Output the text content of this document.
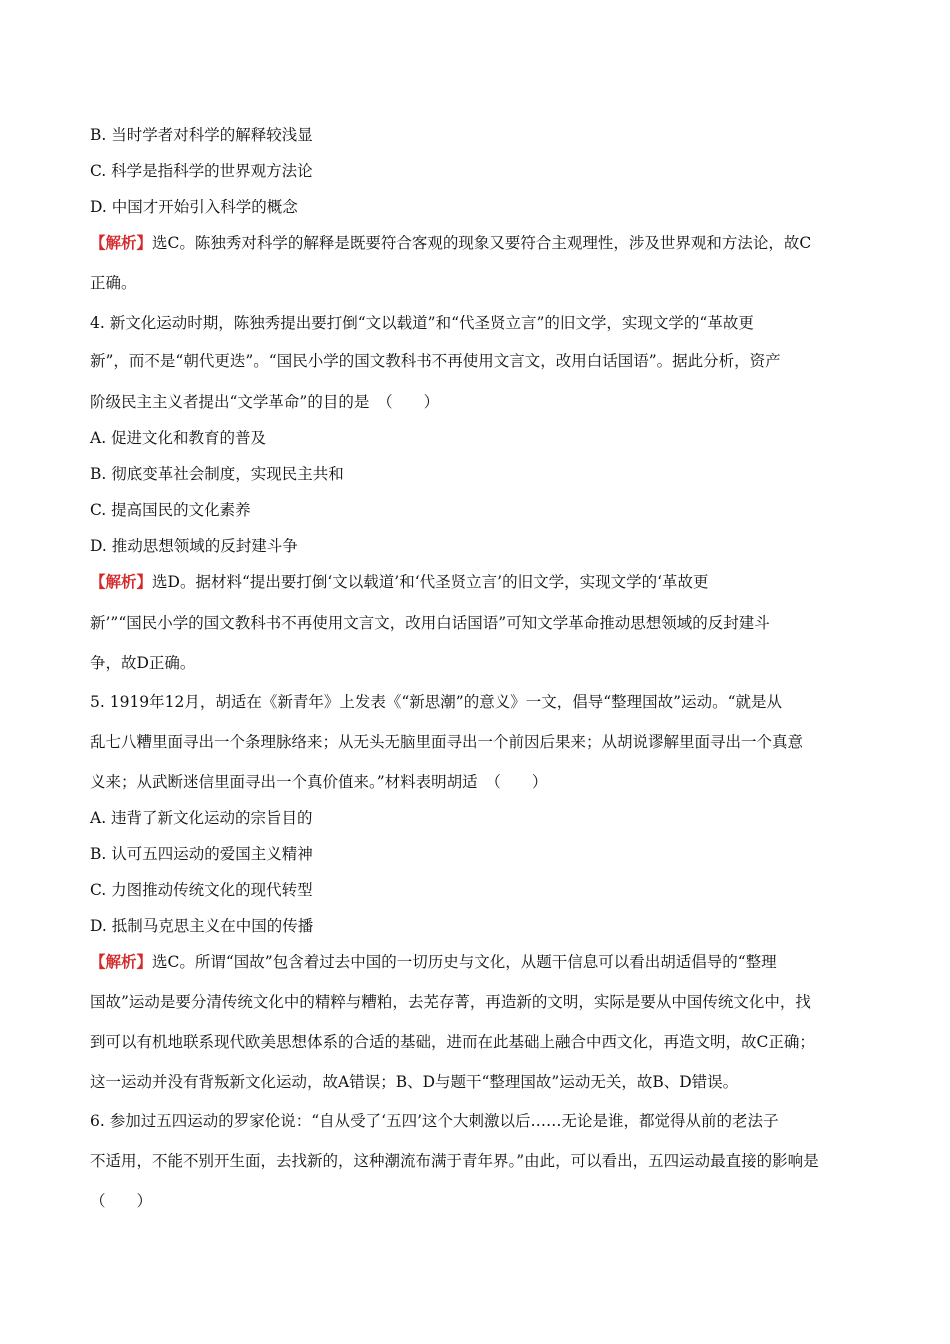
B. 当时学者对科学的解释较浅显
C. 科学是指科学的世界观方法论
D. 中国才开始引入科学的概念
【解析】选C。陈独秀对科学的解释是既要符合客观的现象又要符合主观理性，涉及世界观和方法论，故C
正确。
4. 新文化运动时期，陈独秀提出要打倒“文以载道”和“代圣贤立言”的旧文学，实现文学的“革故更
新”，而不是“朝代更迭”。“国民小学的国文教科书不再使用文言文，改用白话国语”。据此分析，资产
阶级民主主义者提出“文学革命”的目的是　（　　）
A. 促进文化和教育的普及
B. 彻底变革社会制度，实现民主共和
C. 提高国民的文化素养
D. 推动思想领域的反封建斗争
【解析】选D。据材料“提出要打倒‘文以载道’和‘代圣贤立言’的旧文学，实现文学的‘革故更
新’”“国民小学的国文教科书不再使用文言文，改用白话国语”可知文学革命推动思想领域的反封建斗
争，故D正确。
5. 1919年12月，胡适在《新青年》上发表《“新思潮”的意义》一文，倡导“整理国故”运动。“就是从
乱七八糟里面寻出一个条理脉络来；从无头无脑里面寻出一个前因后果来；从胡说谬解里面寻出一个真意
义来；从武断迷信里面寻出一个真价值来。”材料表明胡适　（　　）
A. 违背了新文化运动的宗旨目的
B. 认可五四运动的爱国主义精神
C. 力图推动传统文化的现代转型
D. 抵制马克思主义在中国的传播
【解析】选C。所谓“国故”包含着过去中国的一切历史与文化，从题干信息可以看出胡适倡导的“整理
国故”运动是要分清传统文化中的精粹与糟粕，去芜存菁，再造新的文明，实际是要从中国传统文化中，找
到可以有机地联系现代欧美思想体系的合适的基础，进而在此基础上融合中西文化，再造文明，故C正确；
这一运动并没有背叛新文化运动，故A错误；B、D与题干“整理国故”运动无关，故B、D错误。
6. 参加过五四运动的罗家伦说：“自从受了‘五四’这个大刺激以后……无论是谁，都觉得从前的老法子
不适用，不能不别开生面，去找新的，这种潮流布满于青年界。”由此，可以看出，五四运动最直接的影响是
（　　）
